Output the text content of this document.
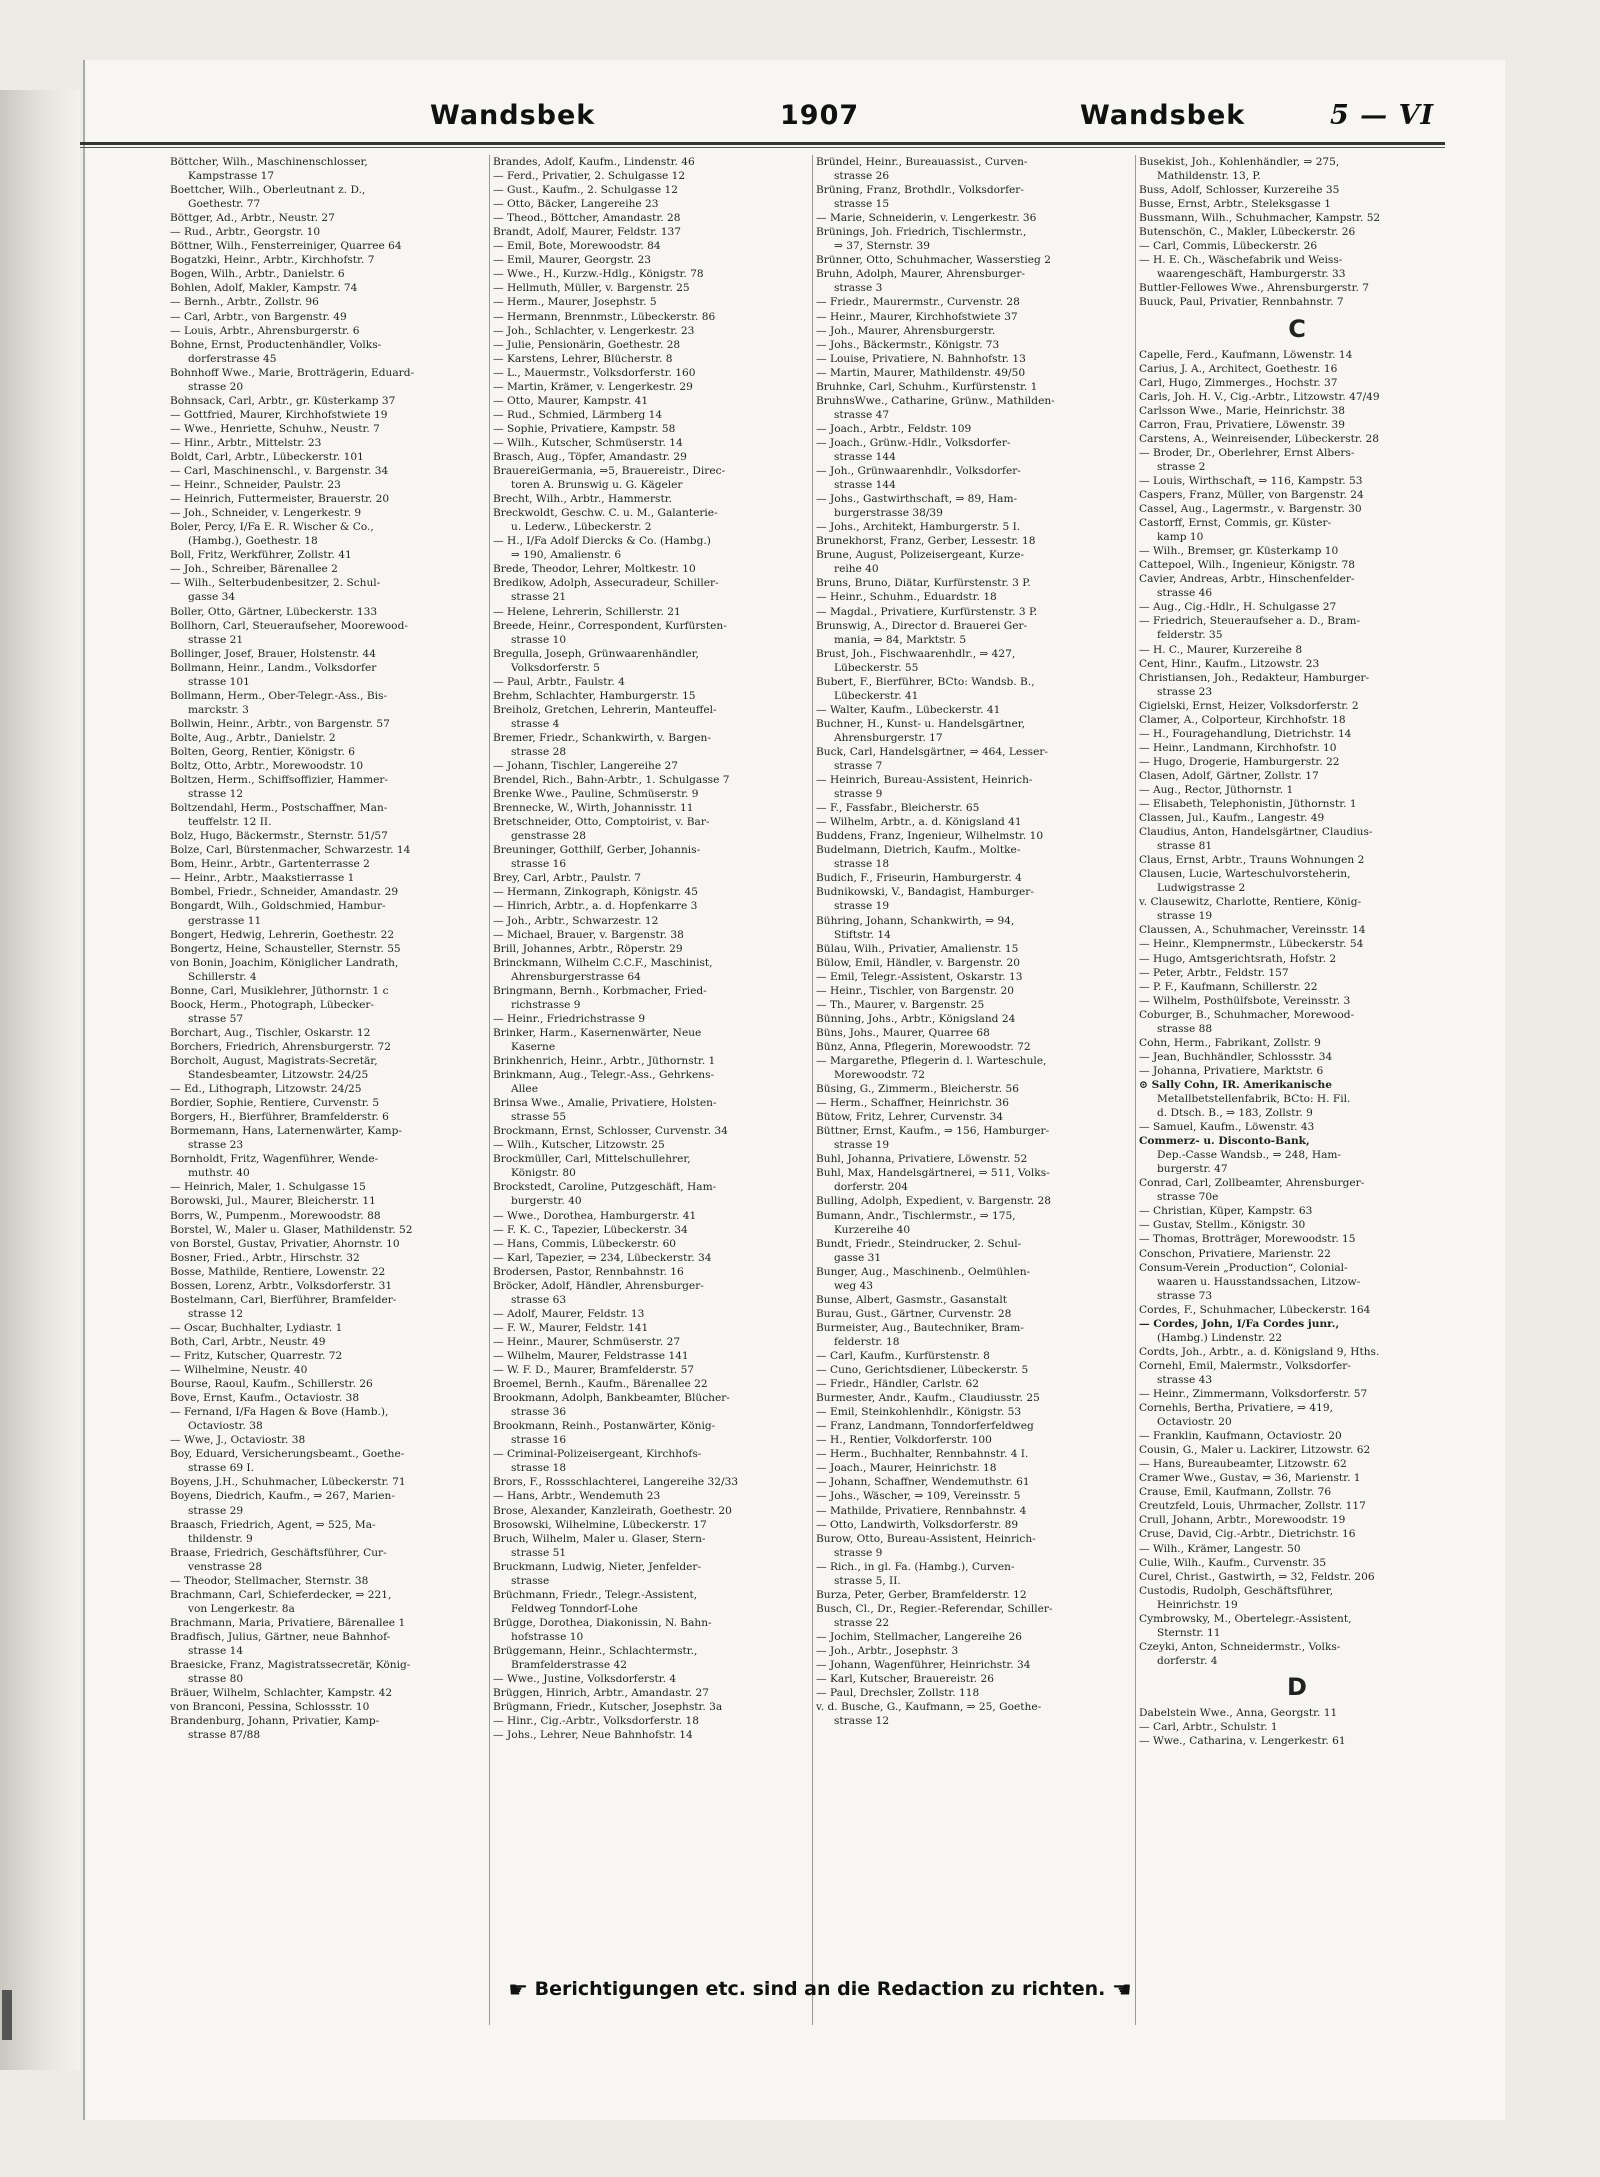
Wandsbek	1907	Wandsbek	5 — VI
Böttcher, Wilh., Maschinenschlosser,
Kampstrasse 17
Boettcher, Wilh., Oberleutnant z. D.,
Goethestr. 77
Böttger, Ad., Arbtr., Neustr. 27
— Rud., Arbtr., Georgstr. 10
Böttner, Wilh., Fensterreiniger, Quarree 64
Bogatzki, Heinr., Arbtr., Kirchhofstr. 7
Bogen, Wilh., Arbtr., Danielstr. 6
Bohlen, Adolf, Makler, Kampstr. 74
— Bernh., Arbtr., Zollstr. 96
— Carl, Arbtr., von Bargenstr. 49
— Louis, Arbtr., Ahrensburgerstr. 6
Bohne, Ernst, Productenhändler, Volks-
dorferstrasse 45
Bohnhoff Wwe., Marie, Brotträgerin, Eduard-
strasse 20
Bohnsack, Carl, Arbtr., gr. Küsterkamp 37
— Gottfried, Maurer, Kirchhofstwiete 19
— Wwe., Henriette, Schuhw., Neustr. 7
— Hinr., Arbtr., Mittelstr. 23
Boldt, Carl, Arbtr., Lübeckerstr. 101
— Carl, Maschinenschl., v. Bargenstr. 34
— Heinr., Schneider, Paulstr. 23
— Heinrich, Futtermeister, Brauerstr. 20
— Joh., Schneider, v. Lengerkestr. 9
Boler, Percy, I/Fa E. R. Wischer & Co.,
(Hambg.), Goethestr. 18
Boll, Fritz, Werkführer, Zollstr. 41
— Joh., Schreiber, Bärenallee 2
— Wilh., Selterbudenbesitzer, 2. Schul-
gasse 34
Boller, Otto, Gärtner, Lübeckerstr. 133
Bollhorn, Carl, Steueraufseher, Moorewood-
strasse 21
Bollinger, Josef, Brauer, Holstenstr. 44
Bollmann, Heinr., Landm., Volksdorfer
strasse 101
Bollmann, Herm., Ober-Telegr.-Ass., Bis-
marckstr. 3
Bollwin, Heinr., Arbtr., von Bargenstr. 57
Bolte, Aug., Arbtr., Danielstr. 2
Bolten, Georg, Rentier, Königstr. 6
Boltz, Otto, Arbtr., Morewoodstr. 10
Boltzen, Herm., Schiffsoffizier, Hammer-
strasse 12
Boltzendahl, Herm., Postschaffner, Man-
teuffelstr. 12 II.
Bolz, Hugo, Bäckermstr., Sternstr. 51/57
Bolze, Carl, Bürstenmacher, Schwarzestr. 14
Bom, Heinr., Arbtr., Gartenterrasse 2
— Heinr., Arbtr., Maakstierrasse 1
Bombel, Friedr., Schneider, Amandastr. 29
Bongardt, Wilh., Goldschmied, Hambur-
gerstrasse 11
Bongert, Hedwig, Lehrerin, Goethestr. 22
Bongertz, Heine, Schausteller, Sternstr. 55
von Bonin, Joachim, Königlicher Landrath,
Schillerstr. 4
Bonne, Carl, Musiklehrer, Jüthornstr. 1 c
Boock, Herm., Photograph, Lübecker-
strasse 57
Borchart, Aug., Tischler, Oskarstr. 12
Borchers, Friedrich, Ahrensburgerstr. 72
Borcholt, August, Magistrats-Secretär,
Standesbeamter, Litzowstr. 24/25
— Ed., Lithograph, Litzowstr. 24/25
Bordier, Sophie, Rentiere, Curvenstr. 5
Borgers, H., Bierführer, Bramfelderstr. 6
Bormemann, Hans, Laternenwärter, Kamp-
strasse 23
Bornholdt, Fritz, Wagenführer, Wende-
muthstr. 40
— Heinrich, Maler, 1. Schulgasse 15
Borowski, Jul., Maurer, Bleicherstr. 11
Borrs, W., Pumpenm., Morewoodstr. 88
Borstel, W., Maler u. Glaser, Mathildenstr. 52
von Borstel, Gustav, Privatier, Ahornstr. 10
Bosner, Fried., Arbtr., Hirschstr. 32
Bosse, Mathilde, Rentiere, Lowenstr. 22
Bossen, Lorenz, Arbtr., Volksdorferstr. 31
Bostelmann, Carl, Bierführer, Bramfelder-
strasse 12
— Oscar, Buchhalter, Lydiastr. 1
Both, Carl, Arbtr., Neustr. 49
— Fritz, Kutscher, Quarrestr. 72
— Wilhelmine, Neustr. 40
Bourse, Raoul, Kaufm., Schillerstr. 26
Bove, Ernst, Kaufm., Octaviostr. 38
— Fernand, I/Fa Hagen & Bove (Hamb.),
Octaviostr. 38
— Wwe, J., Octaviostr. 38
Boy, Eduard, Versicherungsbeamt., Goethe-
strasse 69 I.
Boyens, J.H., Schuhmacher, Lübeckerstr. 71
Boyens, Diedrich, Kaufm., ⇒ 267, Marien-
strasse 29
Braasch, Friedrich, Agent, ⇒ 525, Ma-
thildenstr. 9
Braase, Friedrich, Geschäftsführer, Cur-
venstrasse 28
— Theodor, Stellmacher, Sternstr. 38
Brachmann, Carl, Schieferdecker, ⇒ 221,
von Lengerkestr. 8a
Brachmann, Maria, Privatiere, Bärenallee 1
Bradfisch, Julius, Gärtner, neue Bahnhof-
strasse 14
Braesicke, Franz, Magistratssecretär, König-
strasse 80
Bräuer, Wilhelm, Schlachter, Kampstr. 42
von Branconi, Pessina, Schlossstr. 10
Brandenburg, Johann, Privatier, Kamp-
strasse 87/88
Brandes, Adolf, Kaufm., Lindenstr. 46
— Ferd., Privatier, 2. Schulgasse 12
— Gust., Kaufm., 2. Schulgasse 12
— Otto, Bäcker, Langereihe 23
— Theod., Böttcher, Amandastr. 28
Brandt, Adolf, Maurer, Feldstr. 137
— Emil, Bote, Morewoodstr. 84
— Emil, Maurer, Georgstr. 23
— Wwe., H., Kurzw.-Hdlg., Königstr. 78
— Hellmuth, Müller, v. Bargenstr. 25
— Herm., Maurer, Josephstr. 5
— Hermann, Brennmstr., Lübeckerstr. 86
— Joh., Schlachter, v. Lengerkestr. 23
— Julie, Pensionärin, Goethestr. 28
— Karstens, Lehrer, Blücherstr. 8
— L., Mauermstr., Volksdorferstr. 160
— Martin, Krämer, v. Lengerkestr. 29
— Otto, Maurer, Kampstr. 41
— Rud., Schmied, Lärmberg 14
— Sophie, Privatiere, Kampstr. 58
— Wilh., Kutscher, Schmüserstr. 14
Brasch, Aug., Töpfer, Amandastr. 29
BrauereiGermania, ⇒5, Brauereistr., Direc-
toren A. Brunswig u. G. Kägeler
Brecht, Wilh., Arbtr., Hammerstr.
Breckwoldt, Geschw. C. u. M., Galanterie-
u. Lederw., Lübeckerstr. 2
— H., I/Fa Adolf Diercks & Co. (Hambg.)
⇒ 190, Amalienstr. 6
Brede, Theodor, Lehrer, Moltkestr. 10
Bredikow, Adolph, Assecuradeur, Schiller-
strasse 21
— Helene, Lehrerin, Schillerstr. 21
Breede, Heinr., Correspondent, Kurfürsten-
strasse 10
Bregulla, Joseph, Grünwaarenhändler,
Volksdorferstr. 5
— Paul, Arbtr., Faulstr. 4
Brehm, Schlachter, Hamburgerstr. 15
Breiholz, Gretchen, Lehrerin, Manteuffel-
strasse 4
Bremer, Friedr., Schankwirth, v. Bargen-
strasse 28
— Johann, Tischler, Langereihe 27
Brendel, Rich., Bahn-Arbtr., 1. Schulgasse 7
Brenke Wwe., Pauline, Schmüserstr. 9
Brennecke, W., Wirth, Johannisstr. 11
Bretschneider, Otto, Comptoirist, v. Bar-
genstrasse 28
Breuninger, Gotthilf, Gerber, Johannis-
strasse 16
Brey, Carl, Arbtr., Paulstr. 7
— Hermann, Zinkograph, Königstr. 45
— Hinrich, Arbtr., a. d. Hopfenkarre 3
— Joh., Arbtr., Schwarzestr. 12
— Michael, Brauer, v. Bargenstr. 38
Brill, Johannes, Arbtr., Röperstr. 29
Brinckmann, Wilhelm C.C.F., Maschinist,
Ahrensburgerstrasse 64
Bringmann, Bernh., Korbmacher, Fried-
richstrasse 9
— Heinr., Friedrichstrasse 9
Brinker, Harm., Kasernenwärter, Neue
Kaserne
Brinkhenrich, Heinr., Arbtr., Jüthornstr. 1
Brinkmann, Aug., Telegr.-Ass., Gehrkens-
Allee
Brinsa Wwe., Amalie, Privatiere, Holsten-
strasse 55
Brockmann, Ernst, Schlosser, Curvenstr. 34
— Wilh., Kutscher, Litzowstr. 25
Brockmüller, Carl, Mittelschullehrer,
Königstr. 80
Brockstedt, Caroline, Putzgeschäft, Ham-
burgerstr. 40
— Wwe., Dorothea, Hamburgerstr. 41
— F. K. C., Tapezier, Lübeckerstr. 34
— Hans, Commis, Lübeckerstr. 60
— Karl, Tapezier, ⇒ 234, Lübeckerstr. 34
Brodersen, Pastor, Rennbahnstr. 16
Bröcker, Adolf, Händler, Ahrensburger-
strasse 63
— Adolf, Maurer, Feldstr. 13
— F. W., Maurer, Feldstr. 141
— Heinr., Maurer, Schmüserstr. 27
— Wilhelm, Maurer, Feldstrasse 141
— W. F. D., Maurer, Bramfelderstr. 57
Broemel, Bernh., Kaufm., Bärenallee 22
Brookmann, Adolph, Bankbeamter, Blücher-
strasse 36
Brookmann, Reinh., Postanwärter, König-
strasse 16
— Criminal-Polizeisergeant, Kirchhofs-
strasse 18
Brors, F., Rossschlachterei, Langereihe 32/33
— Hans, Arbtr., Wendemuth 23
Brose, Alexander, Kanzleirath, Goethestr. 20
Brosowski, Wilhelmine, Lübeckerstr. 17
Bruch, Wilhelm, Maler u. Glaser, Stern-
strasse 51
Bruckmann, Ludwig, Nieter, Jenfelder-
strasse
Brüchmann, Friedr., Telegr.-Assistent,
Feldweg Tonndorf-Lohe
Brügge, Dorothea, Diakonissin, N. Bahn-
hofstrasse 10
Brüggemann, Heinr., Schlachtermstr.,
Bramfelderstrasse 42
— Wwe., Justine, Volksdorferstr. 4
Brüggen, Hinrich, Arbtr., Amandastr. 27
Brügmann, Friedr., Kutscher, Josephstr. 3a
— Hinr., Cig.-Arbtr., Volksdorferstr. 18
— Johs., Lehrer, Neue Bahnhofstr. 14
Bründel, Heinr., Bureauassist., Curven-
strasse 26
Brüning, Franz, Brothdlr., Volksdorfer-
strasse 15
— Marie, Schneiderin, v. Lengerkestr. 36
Brünings, Joh. Friedrich, Tischlermstr.,
⇒ 37, Sternstr. 39
Brünner, Otto, Schuhmacher, Wasserstieg 2
Bruhn, Adolph, Maurer, Ahrensburger-
strasse 3
— Friedr., Maurermstr., Curvenstr. 28
— Heinr., Maurer, Kirchhofstwiete 37
— Joh., Maurer, Ahrensburgerstr.
— Johs., Bäckermstr., Königstr. 73
— Louise, Privatiere, N. Bahnhofstr. 13
— Martin, Maurer, Mathildenstr. 49/50
Bruhnke, Carl, Schuhm., Kurfürstenstr. 1
BruhnsWwe., Catharine, Grünw., Mathilden-
strasse 47
— Joach., Arbtr., Feldstr. 109
— Joach., Grünw.-Hdlr., Volksdorfer-
strasse 144
— Joh., Grünwaarenhdlr., Volksdorfer-
strasse 144
— Johs., Gastwirthschaft, ⇒ 89, Ham-
burgerstrasse 38/39
— Johs., Architekt, Hamburgerstr. 5 I.
Brunekhorst, Franz, Gerber, Lessestr. 18
Brune, August, Polizeisergeant, Kurze-
reihe 40
Bruns, Bruno, Diätar, Kurfürstenstr. 3 P.
— Heinr., Schuhm., Eduardstr. 18
— Magdal., Privatiere, Kurfürstenstr. 3 P.
Brunswig, A., Director d. Brauerei Ger-
mania, ⇒ 84, Marktstr. 5
Brust, Joh., Fischwaarenhdlr., ⇒ 427,
Lübeckerstr. 55
Bubert, F., Bierführer, BCto: Wandsb. B.,
Lübeckerstr. 41
— Walter, Kaufm., Lübeckerstr. 41
Buchner, H., Kunst- u. Handelsgärtner,
Ahrensburgerstr. 17
Buck, Carl, Handelsgärtner, ⇒ 464, Lesser-
strasse 7
— Heinrich, Bureau-Assistent, Heinrich-
strasse 9
— F., Fassfabr., Bleicherstr. 65
— Wilhelm, Arbtr., a. d. Königsland 41
Buddens, Franz, Ingenieur, Wilhelmstr. 10
Budelmann, Dietrich, Kaufm., Moltke-
strasse 18
Budich, F., Friseurin, Hamburgerstr. 4
Budnikowski, V., Bandagist, Hamburger-
strasse 19
Bühring, Johann, Schankwirth, ⇒ 94,
Stiftstr. 14
Bülau, Wilh., Privatier, Amalienstr. 15
Bülow, Emil, Händler, v. Bargenstr. 20
— Emil, Telegr.-Assistent, Oskarstr. 13
— Heinr., Tischler, von Bargenstr. 20
— Th., Maurer, v. Bargenstr. 25
Bünning, Johs., Arbtr., Königsland 24
Büns, Johs., Maurer, Quarree 68
Bünz, Anna, Pflegerin, Morewoodstr. 72
— Margarethe, Pflegerin d. l. Warteschule,
Morewoodstr. 72
Büsing, G., Zimmerm., Bleicherstr. 56
— Herm., Schaffner, Heinrichstr. 36
Bütow, Fritz, Lehrer, Curvenstr. 34
Büttner, Ernst, Kaufm., ⇒ 156, Hamburger-
strasse 19
Buhl, Johanna, Privatiere, Löwenstr. 52
Buhl, Max, Handelsgärtnerei, ⇒ 511, Volks-
dorferstr. 204
Bulling, Adolph, Expedient, v. Bargenstr. 28
Bumann, Andr., Tischlermstr., ⇒ 175,
Kurzereihe 40
Bundt, Friedr., Steindrucker, 2. Schul-
gasse 31
Bunger, Aug., Maschinenb., Oelmühlen-
weg 43
Bunse, Albert, Gasmstr., Gasanstalt
Burau, Gust., Gärtner, Curvenstr. 28
Burmeister, Aug., Bautechniker, Bram-
felderstr. 18
— Carl, Kaufm., Kurfürstenstr. 8
— Cuno, Gerichtsdiener, Lübeckerstr. 5
— Friedr., Händler, Carlstr. 62
Burmester, Andr., Kaufm., Claudiusstr. 25
— Emil, Steinkohlenhdlr., Königstr. 53
— Franz, Landmann, Tonndorferfeldweg
— H., Rentier, Volkdorferstr. 100
— Herm., Buchhalter, Rennbahnstr. 4 I.
— Joach., Maurer, Heinrichstr. 18
— Johann, Schaffner, Wendemuthstr. 61
— Johs., Wäscher, ⇒ 109, Vereinsstr. 5
— Mathilde, Privatiere, Rennbahnstr. 4
— Otto, Landwirth, Volksdorferstr. 89
Burow, Otto, Bureau-Assistent, Heinrich-
strasse 9
— Rich., in gl. Fa. (Hambg.), Curven-
strasse 5, II.
Burza, Peter, Gerber, Bramfelderstr. 12
Busch, Cl., Dr., Regier.-Referendar, Schiller-
strasse 22
— Jochim, Stellmacher, Langereihe 26
— Joh., Arbtr., Josephstr. 3
— Johann, Wagenführer, Heinrichstr. 34
— Karl, Kutscher, Brauereistr. 26
— Paul, Drechsler, Zollstr. 118
v. d. Busche, G., Kaufmann, ⇒ 25, Goethe-
strasse 12
Busekist, Joh., Kohlenhändler, ⇒ 275,
Mathildenstr. 13, P.
Buss, Adolf, Schlosser, Kurzereihe 35
Busse, Ernst, Arbtr., Steleksgasse 1
Bussmann, Wilh., Schuhmacher, Kampstr. 52
Butenschön, C., Makler, Lübeckerstr. 26
— Carl, Commis, Lübeckerstr. 26
— H. E. Ch., Wäschefabrik und Weiss-
waarengeschäft, Hamburgerstr. 33
Buttler-Fellowes Wwe., Ahrensburgerstr. 7
Buuck, Paul, Privatier, Rennbahnstr. 7
C
Capelle, Ferd., Kaufmann, Löwenstr. 14
Carius, J. A., Architect, Goethestr. 16
Carl, Hugo, Zimmerges., Hochstr. 37
Carls, Joh. H. V., Cig.-Arbtr., Litzowstr. 47/49
Carlsson Wwe., Marie, Heinrichstr. 38
Carron, Frau, Privatiere, Löwenstr. 39
Carstens, A., Weinreisender, Lübeckerstr. 28
— Broder, Dr., Oberlehrer, Ernst Albers-
strasse 2
— Louis, Wirthschaft, ⇒ 116, Kampstr. 53
Caspers, Franz, Müller, von Bargenstr. 24
Cassel, Aug., Lagermstr., v. Bargenstr. 30
Castorff, Ernst, Commis, gr. Küster-
kamp 10
— Wilh., Bremser, gr. Küsterkamp 10
Cattepoel, Wilh., Ingenieur, Königstr. 78
Cavier, Andreas, Arbtr., Hinschenfelder-
strasse 46
— Aug., Cig.-Hdlr., H. Schulgasse 27
— Friedrich, Steueraufseher a. D., Bram-
felderstr. 35
— H. C., Maurer, Kurzereihe 8
Cent, Hinr., Kaufm., Litzowstr. 23
Christiansen, Joh., Redakteur, Hamburger-
strasse 23
Cigielski, Ernst, Heizer, Volksdorferstr. 2
Clamer, A., Colporteur, Kirchhofstr. 18
— H., Fouragehandlung, Dietrichstr. 14
— Heinr., Landmann, Kirchhofstr. 10
— Hugo, Drogerie, Hamburgerstr. 22
Clasen, Adolf, Gärtner, Zollstr. 17
— Aug., Rector, Jüthornstr. 1
— Elisabeth, Telephonistin, Jüthornstr. 1
Classen, Jul., Kaufm., Langestr. 49
Claudius, Anton, Handelsgärtner, Claudius-
strasse 81
Claus, Ernst, Arbtr., Trauns Wohnungen 2
Clausen, Lucie, Warteschulvorsteherin,
Ludwigstrasse 2
v. Clausewitz, Charlotte, Rentiere, König-
strasse 19
Claussen, A., Schuhmacher, Vereinsstr. 14
— Heinr., Klempnermstr., Lübeckerstr. 54
— Hugo, Amtsgerichtsrath, Hofstr. 2
— Peter, Arbtr., Feldstr. 157
— P. F., Kaufmann, Schillerstr. 22
— Wilhelm, Posthülfsbote, Vereinsstr. 3
Coburger, B., Schuhmacher, Morewood-
strasse 88
Cohn, Herm., Fabrikant, Zollstr. 9
— Jean, Buchhändler, Schlossstr. 34
— Johanna, Privatiere, Marktstr. 6
⊙ Sally Cohn, IR. Amerikanische
Metallbetstellenfabrik, BCto: H. Fil.
d. Dtsch. B., ⇒ 183, Zollstr. 9
— Samuel, Kaufm., Löwenstr. 43
Commerz- u. Disconto-Bank,
Dep.-Casse Wandsb., ⇒ 248, Ham-
burgerstr. 47
Conrad, Carl, Zollbeamter, Ahrensburger-
strasse 70e
— Christian, Küper, Kampstr. 63
— Gustav, Stellm., Königstr. 30
— Thomas, Brotträger, Morewoodstr. 15
Conschon, Privatiere, Marienstr. 22
Consum-Verein „Production“, Colonial-
waaren u. Hausstandssachen, Litzow-
strasse 73
Cordes, F., Schuhmacher, Lübeckerstr. 164
— Cordes, John, I/Fa Cordes junr.,
(Hambg.) Lindenstr. 22
Cordts, Joh., Arbtr., a. d. Königsland 9, Hths.
Cornehl, Emil, Malermstr., Volksdorfer-
strasse 43
— Heinr., Zimmermann, Volksdorferstr. 57
Cornehls, Bertha, Privatiere, ⇒ 419,
Octaviostr. 20
— Franklin, Kaufmann, Octaviostr. 20
Cousin, G., Maler u. Lackirer, Litzowstr. 62
— Hans, Bureaubeamter, Litzowstr. 62
Cramer Wwe., Gustav, ⇒ 36, Marienstr. 1
Crause, Emil, Kaufmann, Zollstr. 76
Creutzfeld, Louis, Uhrmacher, Zollstr. 117
Crull, Johann, Arbtr., Morewoodstr. 19
Cruse, David, Cig.-Arbtr., Dietrichstr. 16
— Wilh., Krämer, Langestr. 50
Culie, Wilh., Kaufm., Curvenstr. 35
Curel, Christ., Gastwirth, ⇒ 32, Feldstr. 206
Custodis, Rudolph, Geschäftsführer,
Heinrichstr. 19
Cymbrowsky, M., Obertelegr.-Assistent,
Sternstr. 11
Czeyki, Anton, Schneidermstr., Volks-
dorferstr. 4
D
Dabelstein Wwe., Anna, Georgstr. 11
— Carl, Arbtr., Schulstr. 1
— Wwe., Catharina, v. Lengerkestr. 61
☛ Berichtigungen etc. sind an die Redaction zu richten. ☚
